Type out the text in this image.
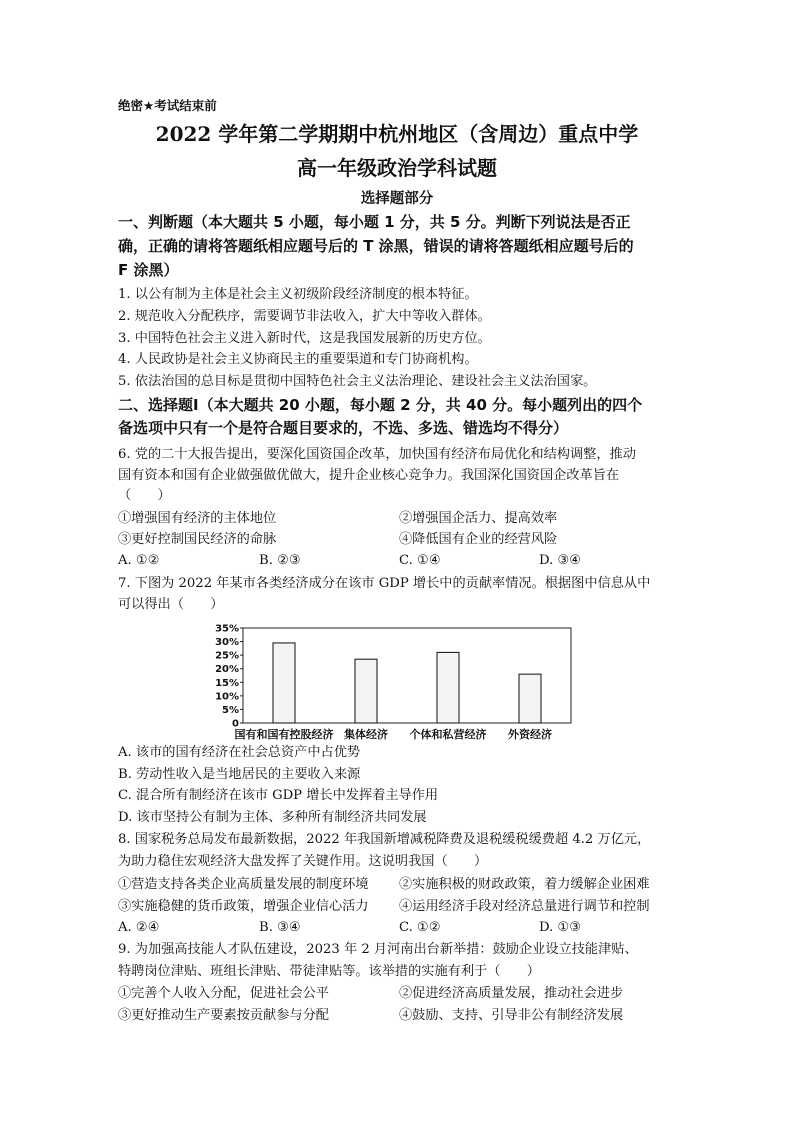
绝密★考试结束前
2022 学年第二学期期中杭州地区（含周边）重点中学
高一年级政治学科试题
选择题部分
一、判断题（本大题共 5 小题，每小题 1 分，共 5 分。判断下列说法是否正
确，正确的请将答题纸相应题号后的 T 涂黑，错误的请将答题纸相应题号后的
F 涂黑）
1. 以公有制为主体是社会主义初级阶段经济制度的根本特征。
2. 规范收入分配秩序，需要调节非法收入，扩大中等收入群体。
3. 中国特色社会主义进入新时代，这是我国发展新的历史方位。
4. 人民政协是社会主义协商民主的重要渠道和专门协商机构。
5. 依法治国的总目标是贯彻中国特色社会主义法治理论、建设社会主义法治国家。
二、选择题Ⅰ（本大题共 20 小题，每小题 2 分，共 40 分。每小题列出的四个
备选项中只有一个是符合题目要求的，不选、多选、错选均不得分）
6. 党的二十大报告提出，要深化国资国企改革，加快国有经济布局优化和结构调整，推动
国有资本和国有企业做强做优做大，提升企业核心竞争力。我国深化国资国企改革旨在
（　　）
①增强国有经济的主体地位	②增强国企活力、提高效率
③更好控制国民经济的命脉	④降低国有企业的经营风险
A. ①②	B. ②③	C. ①④	D. ③④
7. 下图为 2022 年某市各类经济成分在该市 GDP 增长中的贡献率情况。根据图中信息从中
可以得出（　　）
35%
30%
25%
20%
15%
10%
5%
0
国有和国有控股经济 集体经济 个体和私营经济 外资经济
A. 该市的国有经济在社会总资产中占优势
B. 劳动性收入是当地居民的主要收入来源
C. 混合所有制经济在该市 GDP 增长中发挥着主导作用
D. 该市坚持公有制为主体、多种所有制经济共同发展
8. 国家税务总局发布最新数据，2022 年我国新增减税降费及退税缓税缓费超 4.2 万亿元，
为助力稳住宏观经济大盘发挥了关键作用。这说明我国（　　）
①营造支持各类企业高质量发展的制度环境 ②实施积极的财政政策，着力缓解企业困难
③实施稳健的货币政策，增强企业信心活力 ④运用经济手段对经济总量进行调节和控制
A. ②④	B. ③④	C. ①②	D. ①③
9. 为加强高技能人才队伍建设，2023 年 2 月河南出台新举措：鼓励企业设立技能津贴、
特聘岗位津贴、班组长津贴、带徒津贴等。该举措的实施有利于（　　）
①完善个人收入分配，促进社会公平	②促进经济高质量发展，推动社会进步
③更好推动生产要素按贡献参与分配	④鼓励、支持、引导非公有制经济发展
